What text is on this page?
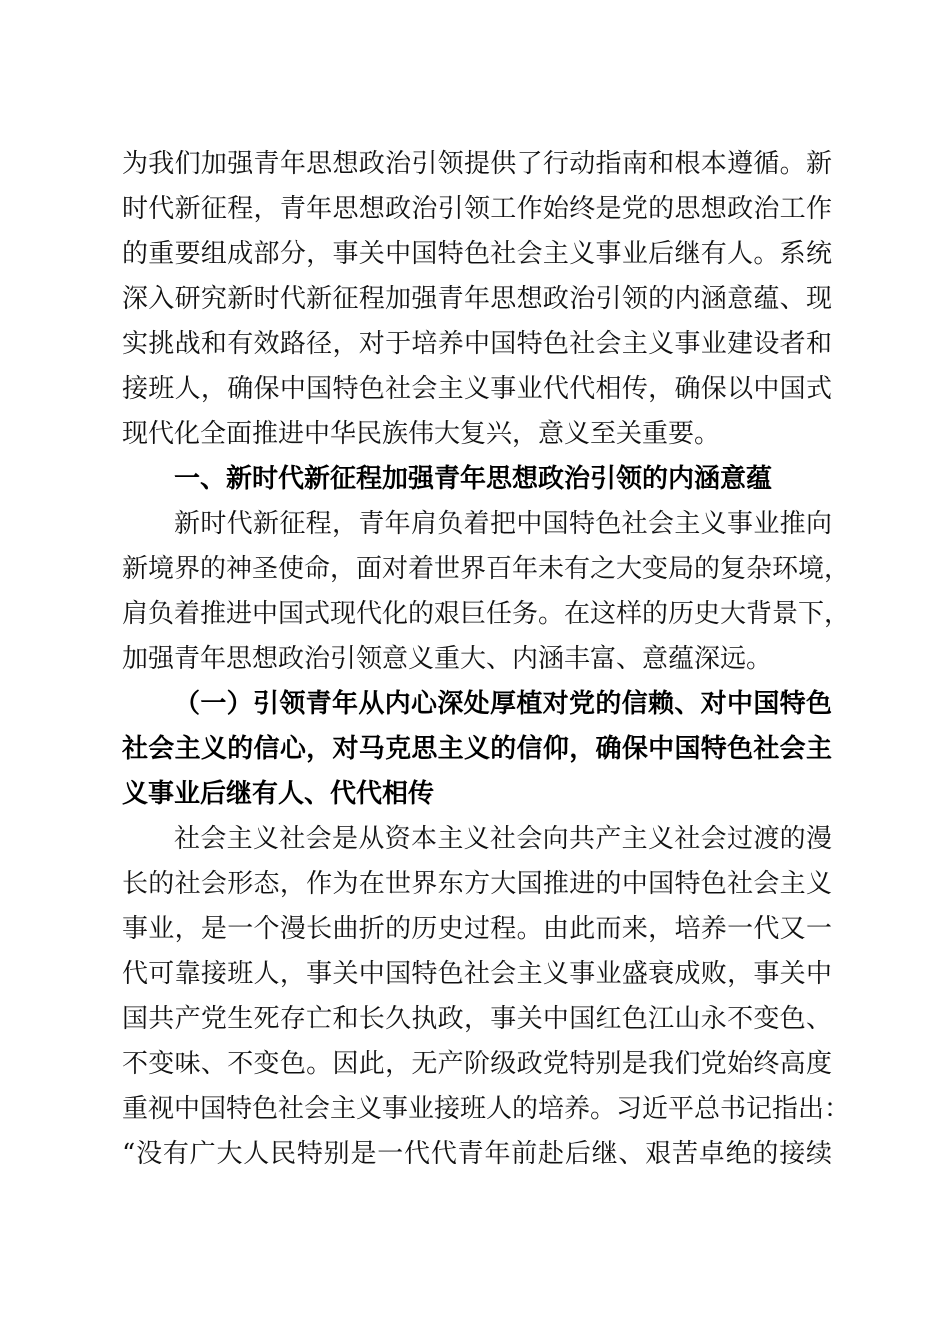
为我们加强青年思想政治引领提供了行动指南和根本遵循。新
时代新征程，青年思想政治引领工作始终是党的思想政治工作
的重要组成部分，事关中国特色社会主义事业后继有人。系统
深入研究新时代新征程加强青年思想政治引领的内涵意蕴、现
实挑战和有效路径，对于培养中国特色社会主义事业建设者和
接班人，确保中国特色社会主义事业代代相传，确保以中国式
现代化全面推进中华民族伟大复兴，意义至关重要。
一、新时代新征程加强青年思想政治引领的内涵意蕴
新时代新征程，青年肩负着把中国特色社会主义事业推向
新境界的神圣使命，面对着世界百年未有之大变局的复杂环境，
肩负着推进中国式现代化的艰巨任务。在这样的历史大背景下，
加强青年思想政治引领意义重大、内涵丰富、意蕴深远。
（一）引领青年从内心深处厚植对党的信赖、对中国特色
社会主义的信心，对马克思主义的信仰，确保中国特色社会主
义事业后继有人、代代相传
社会主义社会是从资本主义社会向共产主义社会过渡的漫
长的社会形态，作为在世界东方大国推进的中国特色社会主义
事业，是一个漫长曲折的历史过程。由此而来，培养一代又一
代可靠接班人，事关中国特色社会主义事业盛衰成败，事关中
国共产党生死存亡和长久执政，事关中国红色江山永不变色、
不变味、不变色。因此，无产阶级政党特别是我们党始终高度
重视中国特色社会主义事业接班人的培养。习近平总书记指出：
“没有广大人民特别是一代代青年前赴后继、艰苦卓绝的接续
